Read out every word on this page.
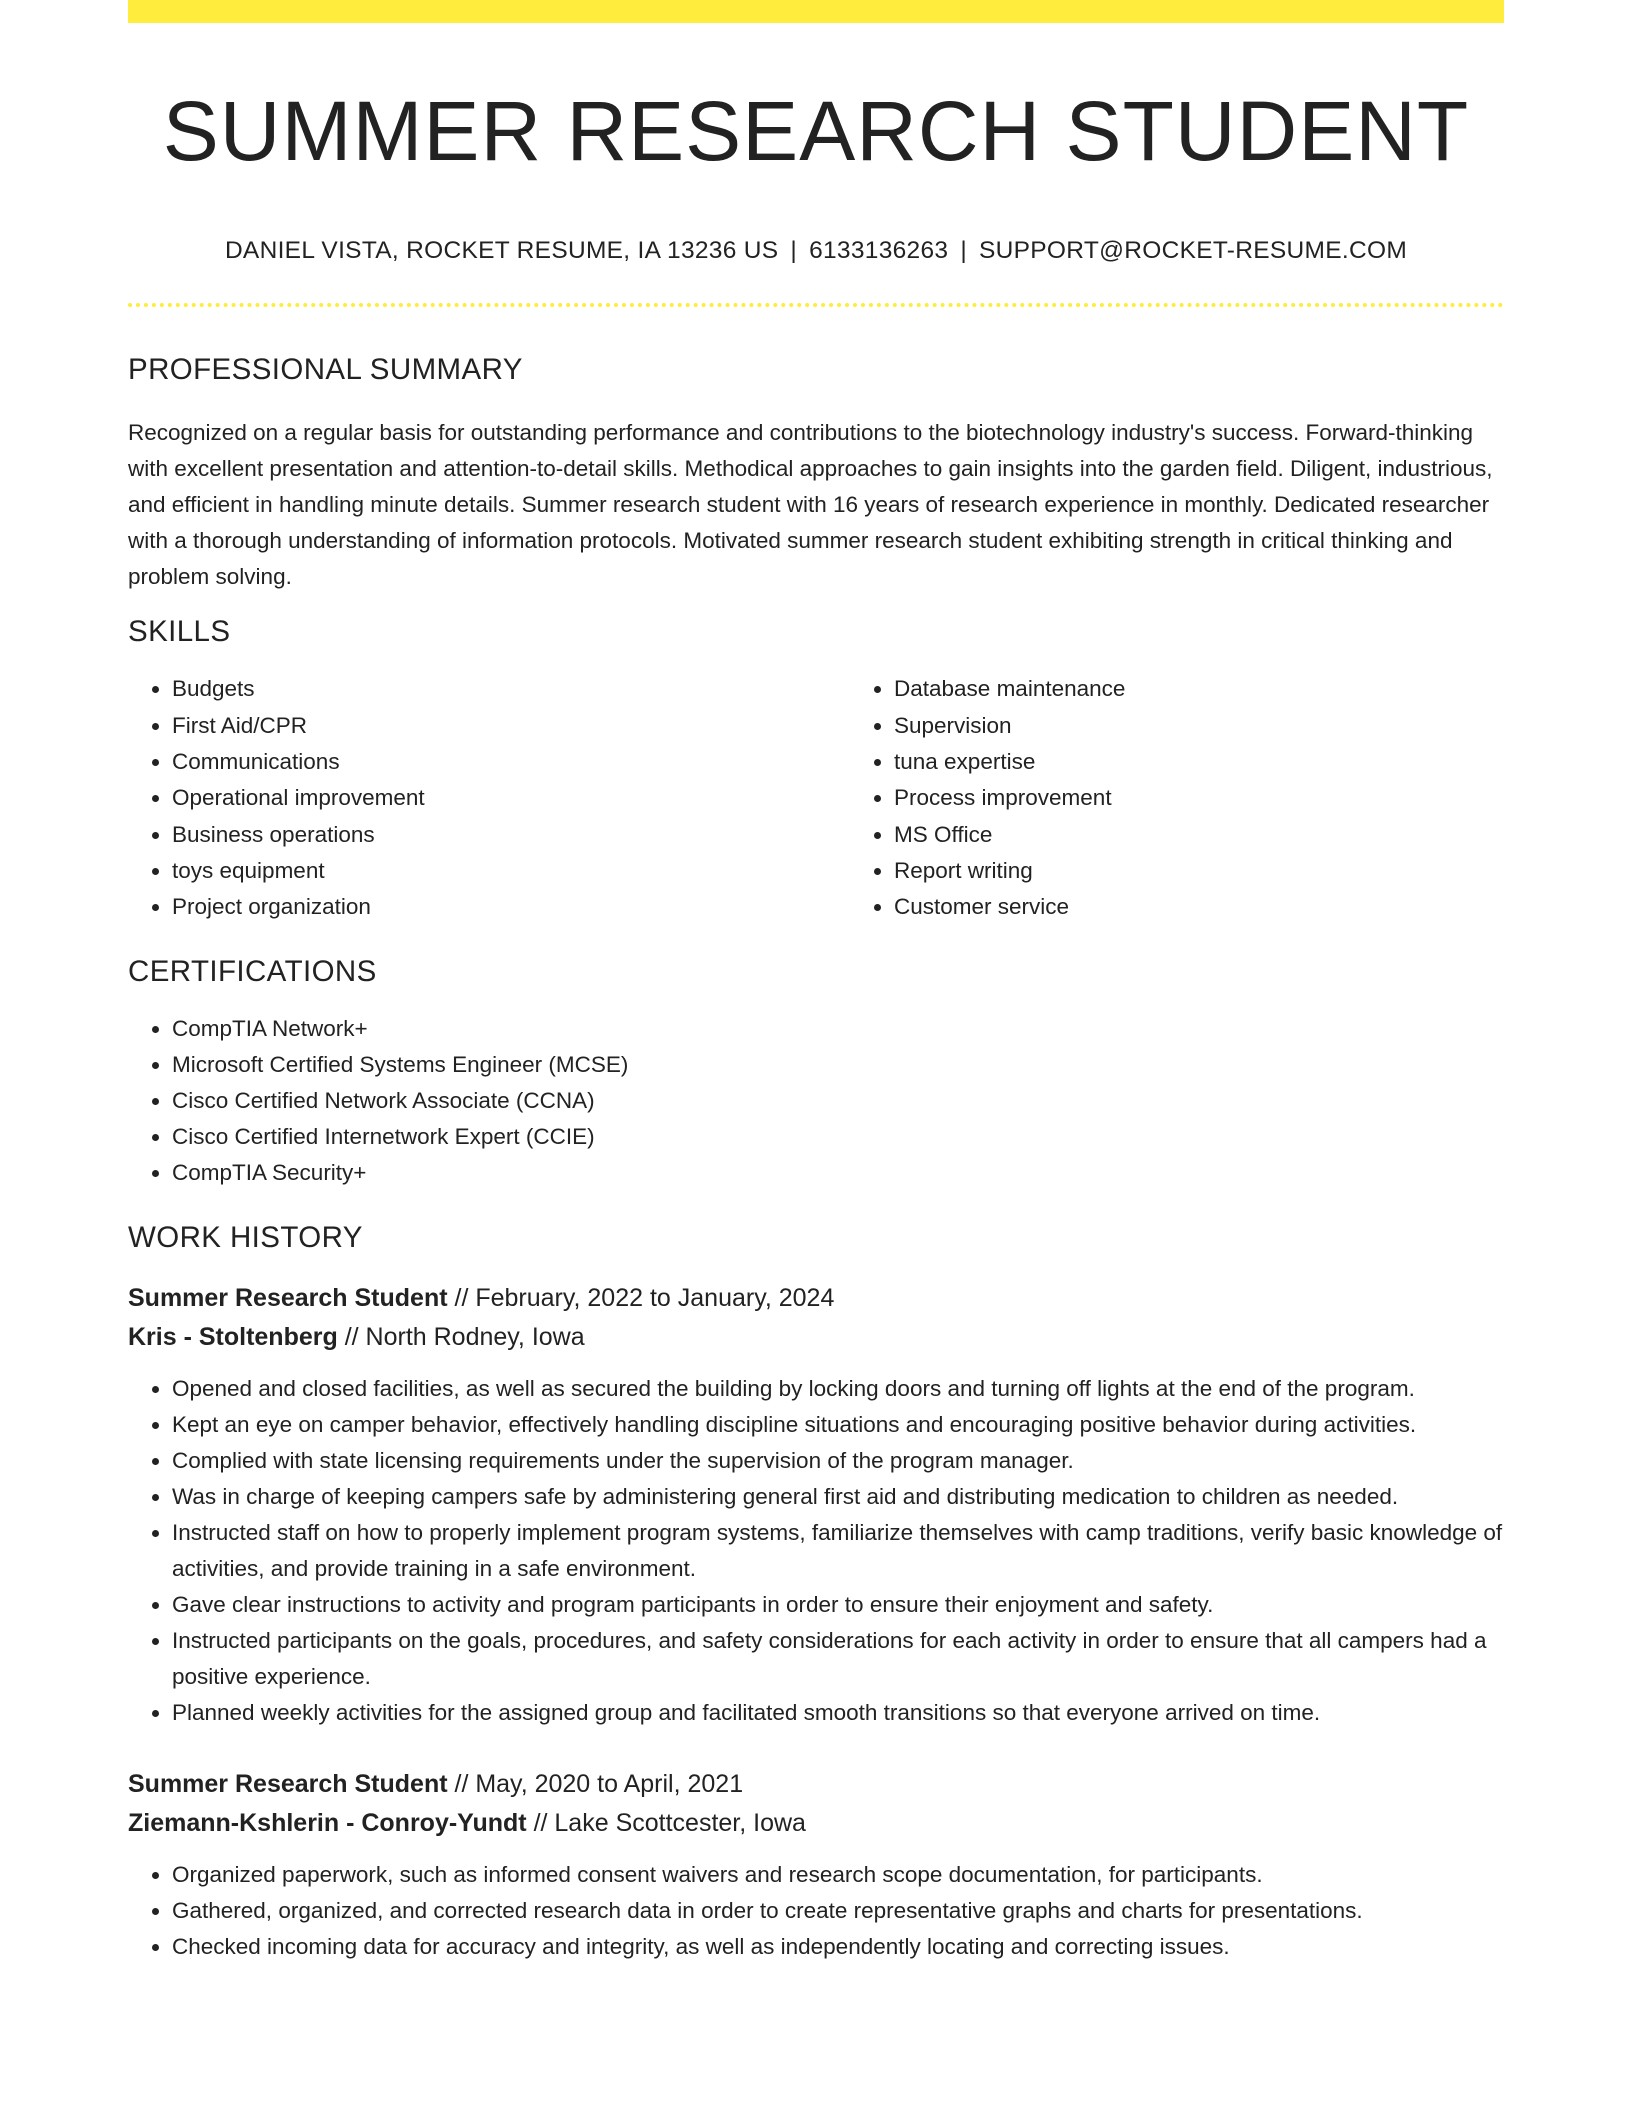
SUMMER RESEARCH STUDENT
DANIEL VISTA, ROCKET RESUME, IA 13236 US | 6133136263 | SUPPORT@ROCKET-RESUME.COM
PROFESSIONAL SUMMARY

Recognized on a regular basis for outstanding performance and contributions to the biotechnology industry's success. Forward-thinking with excellent presentation and attention-to-detail skills. Methodical approaches to gain insights into the garden field. Diligent, industrious, and efficient in handling minute details. Summer research student with 16 years of research experience in monthly. Dedicated researcher with a thorough understanding of information protocols. Motivated summer research student exhibiting strength in critical thinking and problem solving.

SKILLS
• Budgets
• First Aid/CPR
• Communications
• Operational improvement
• Business operations
• toys equipment
• Project organization
• Database maintenance
• Supervision
• tuna expertise
• Process improvement
• MS Office
• Report writing
• Customer service
CERTIFICATIONS
• CompTIA Network+
• Microsoft Certified Systems Engineer (MCSE)
• Cisco Certified Network Associate (CCNA)
• Cisco Certified Internetwork Expert (CCIE)
• CompTIA Security+
WORK HISTORY
Summer Research Student // February, 2022 to January, 2024
Kris - Stoltenberg // North Rodney, Iowa
• Opened and closed facilities, as well as secured the building by locking doors and turning off lights at the end of the program.
• Kept an eye on camper behavior, effectively handling discipline situations and encouraging positive behavior during activities.
• Complied with state licensing requirements under the supervision of the program manager.
• Was in charge of keeping campers safe by administering general first aid and distributing medication to children as needed.
• Instructed staff on how to properly implement program systems, familiarize themselves with camp traditions, verify basic knowledge of activities, and provide training in a safe environment.
• Gave clear instructions to activity and program participants in order to ensure their enjoyment and safety.
• Instructed participants on the goals, procedures, and safety considerations for each activity in order to ensure that all campers had a positive experience.
• Planned weekly activities for the assigned group and facilitated smooth transitions so that everyone arrived on time.
Summer Research Student // May, 2020 to April, 2021
Ziemann-Kshlerin - Conroy-Yundt // Lake Scottcester, Iowa
• Organized paperwork, such as informed consent waivers and research scope documentation, for participants.
• Gathered, organized, and corrected research data in order to create representative graphs and charts for presentations.
• Checked incoming data for accuracy and integrity, as well as independently locating and correcting issues.
